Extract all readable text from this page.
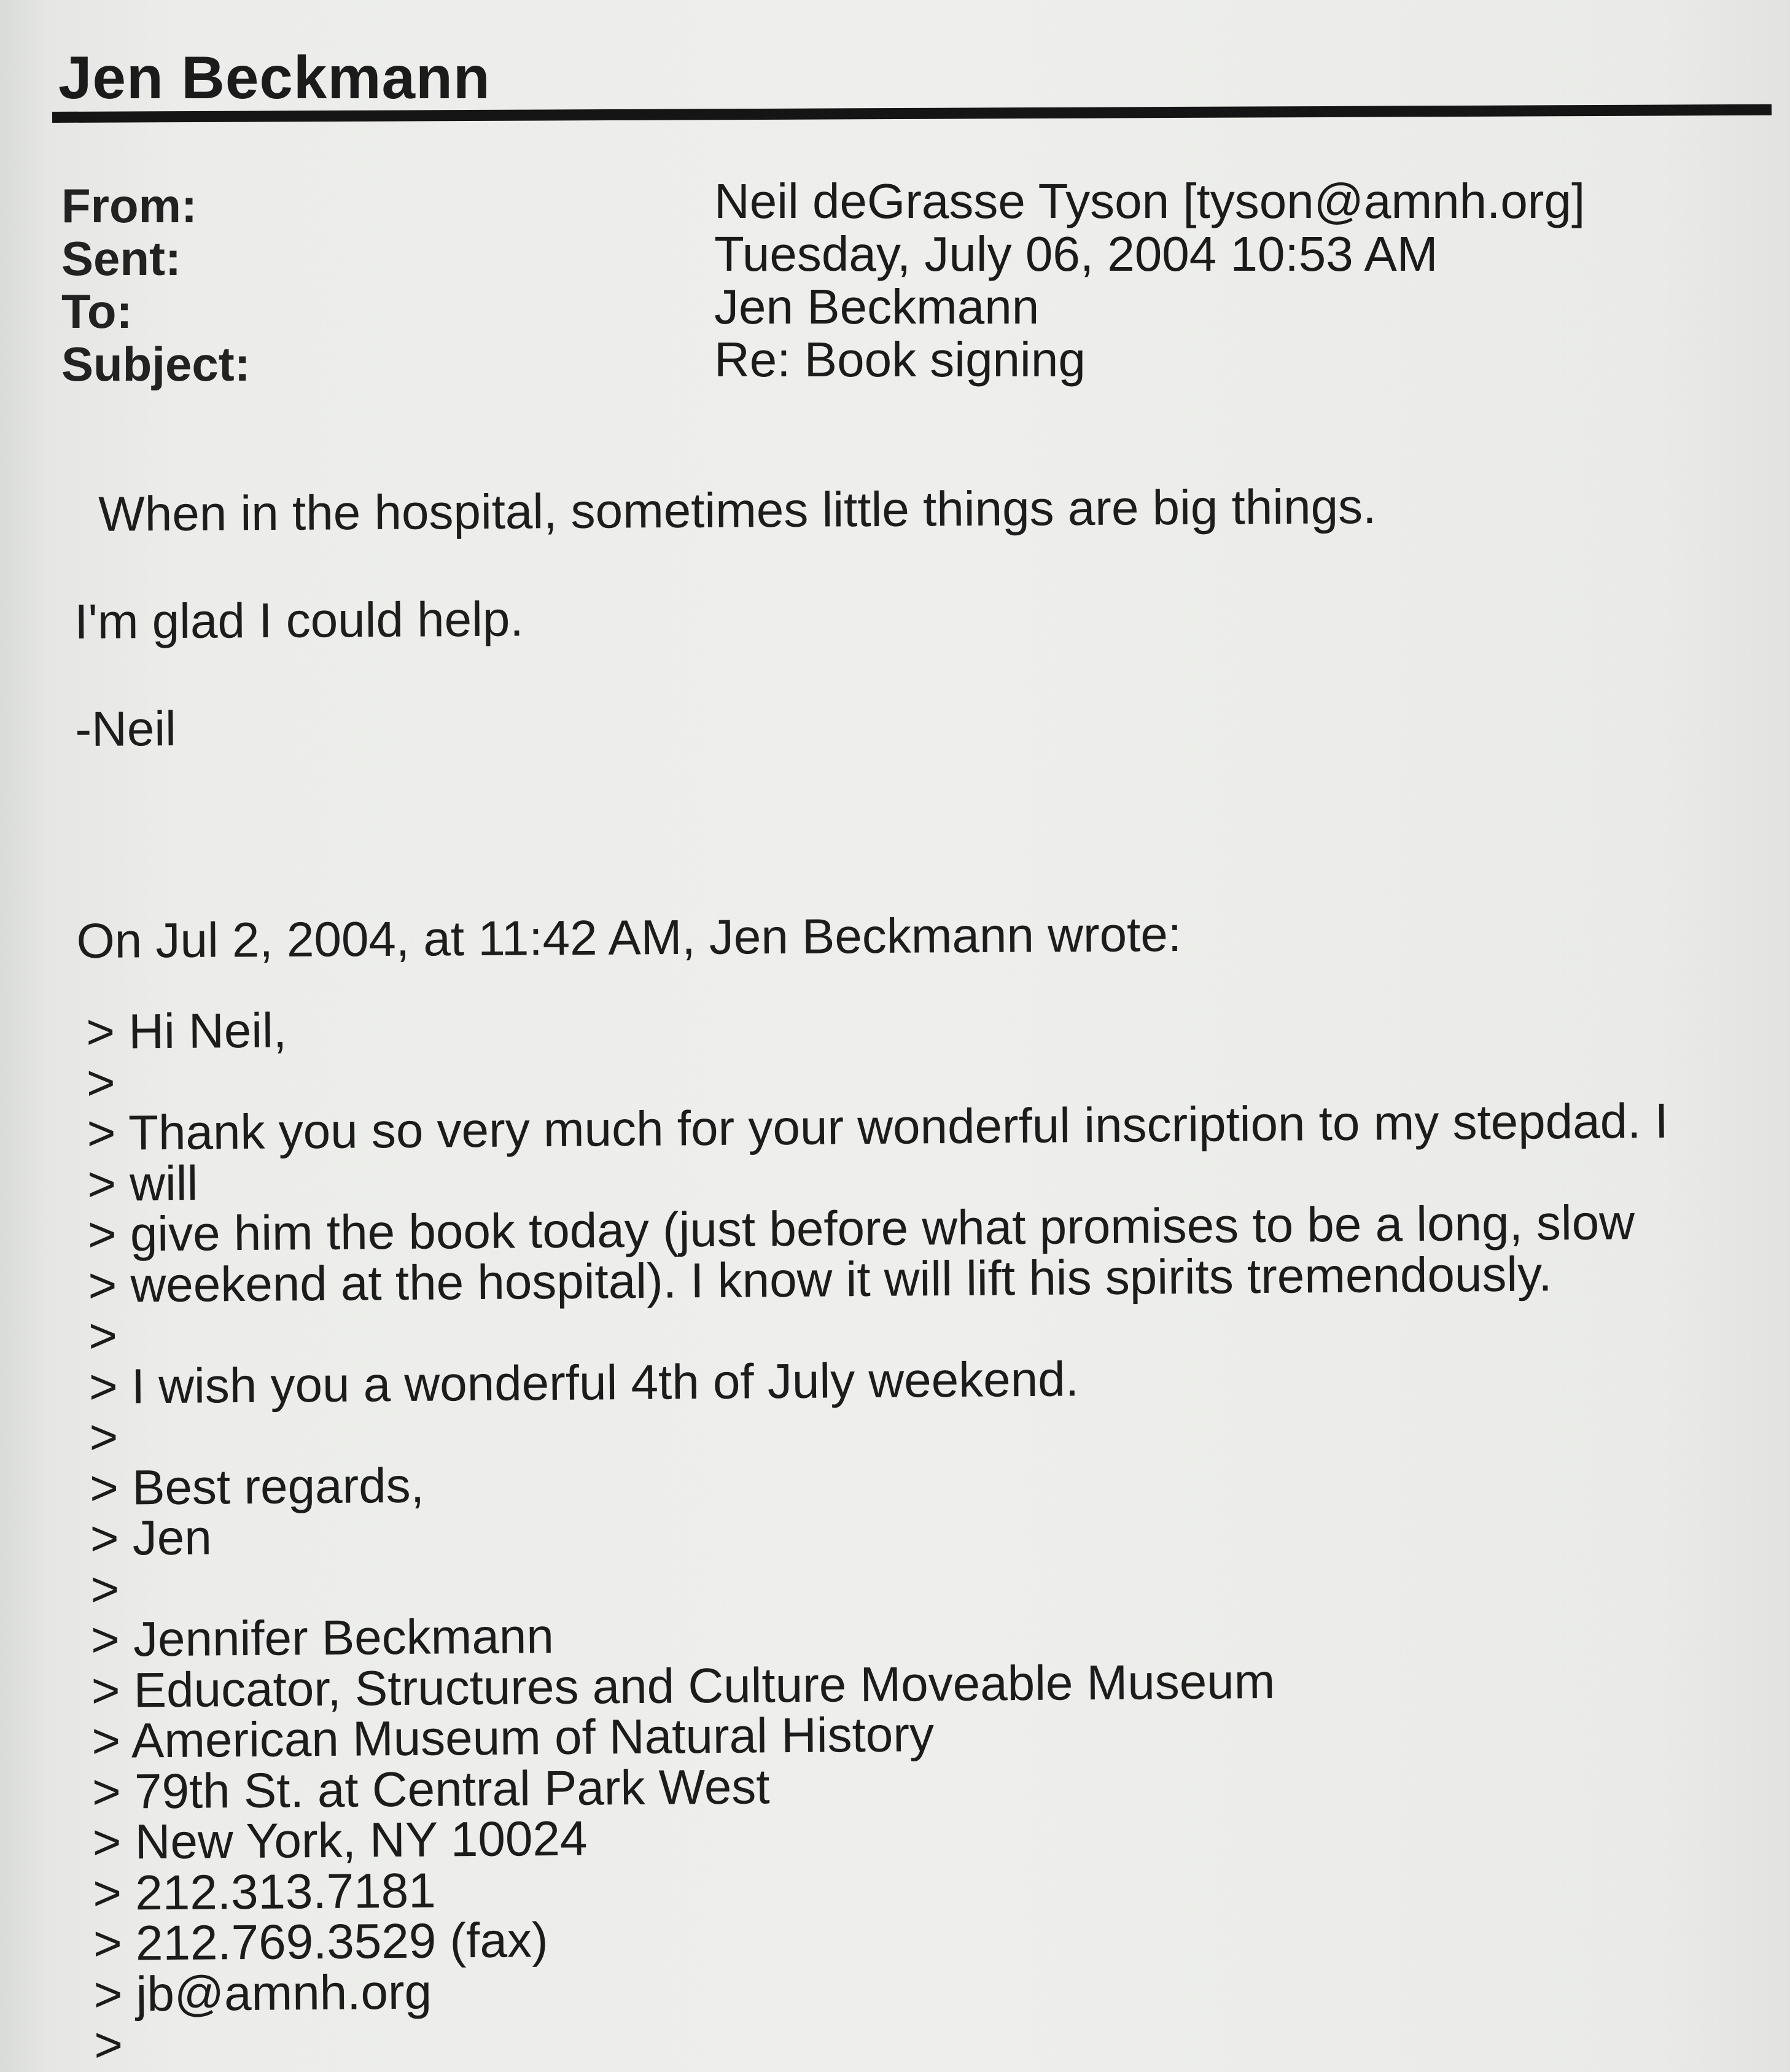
Jen Beckmann
From:	Neil deGrasse Tyson [tyson@amnh.org]
Sent:	Tuesday, July 06, 2004 10:53 AM
To:	Jen Beckmann
Subject:	Re: Book signing

When in the hospital, sometimes little things are big things.

I'm glad I could help.

-Neil

On Jul 2, 2004, at 11:42 AM, Jen Beckmann wrote:

> Hi Neil,
>
> Thank you so very much for your wonderful inscription to my stepdad. I
> will
> give him the book today (just before what promises to be a long, slow
> weekend at the hospital). I know it will lift his spirits tremendously.
>
> I wish you a wonderful 4th of July weekend.
>
> Best regards,
> Jen
>
> Jennifer Beckmann
> Educator, Structures and Culture Moveable Museum
> American Museum of Natural History
> 79th St. at Central Park West
> New York, NY 10024
> 212.313.7181
> 212.769.3529 (fax)
> jb@amnh.org
>
